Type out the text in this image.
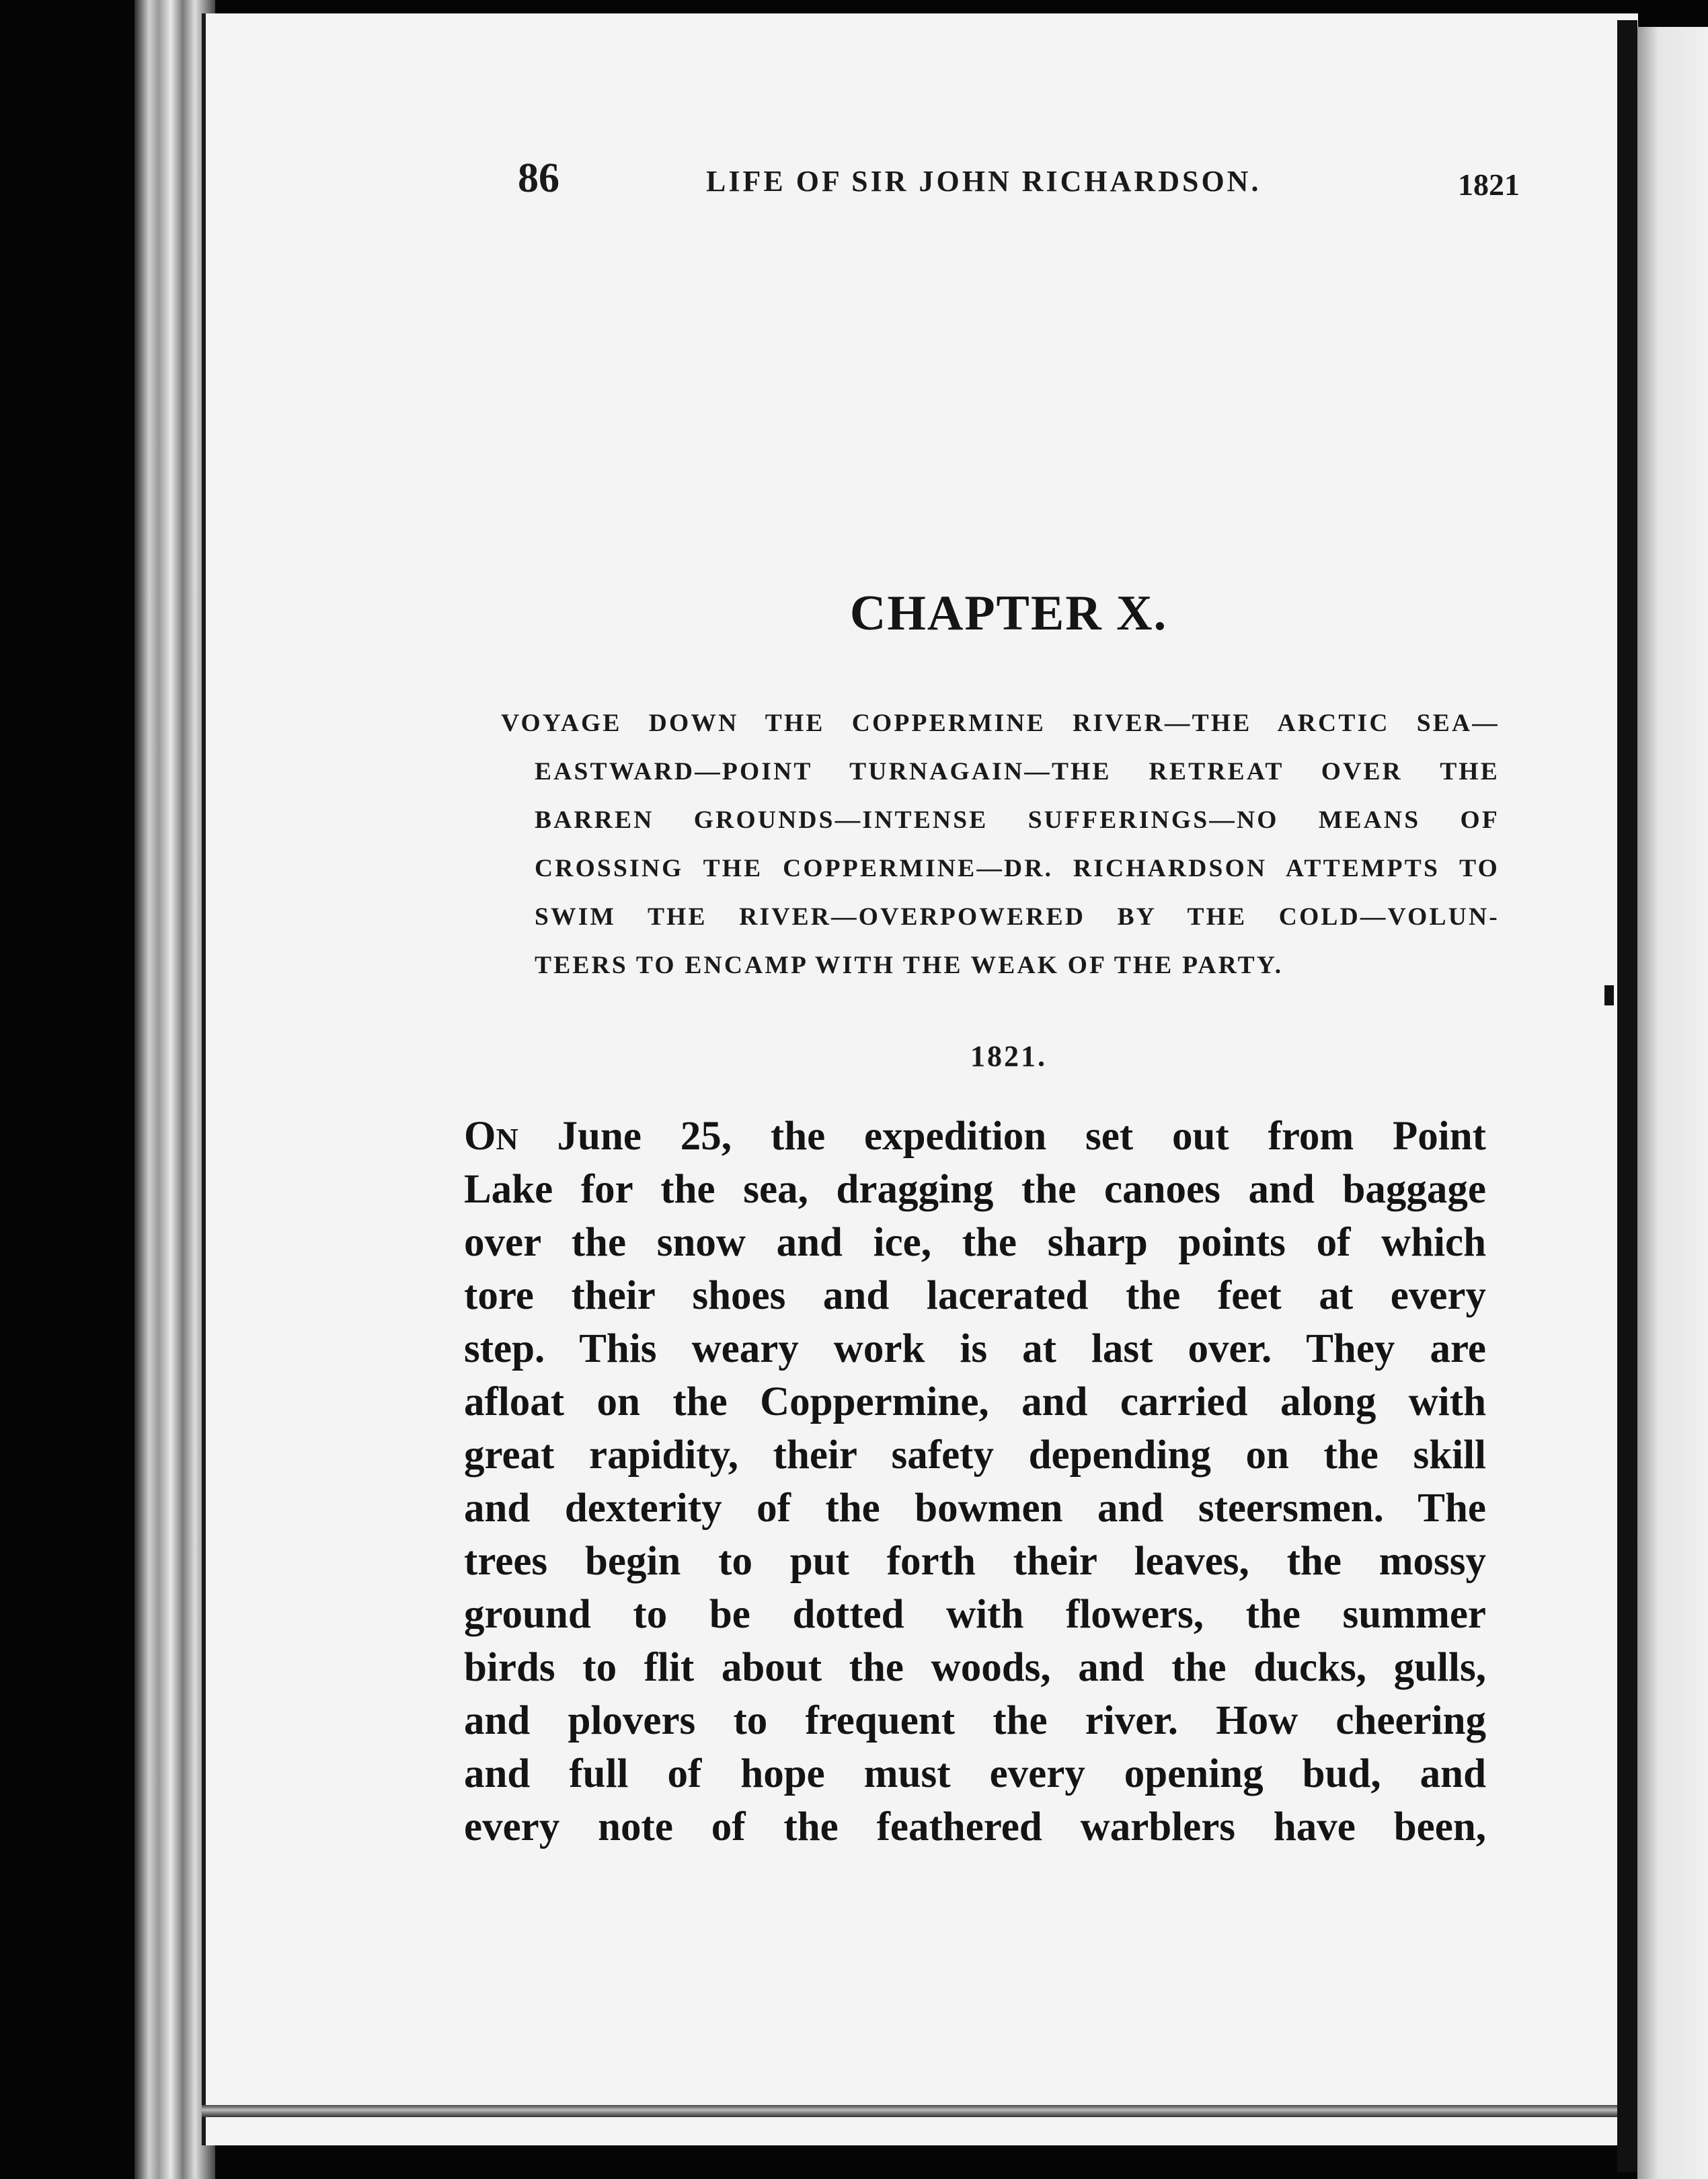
86	LIFE OF SIR JOHN RICHARDSON.	1821
CHAPTER X.
VOYAGE DOWN THE COPPERMINE RIVER—THE ARCTIC SEA—
EASTWARD—POINT TURNAGAIN—THE RETREAT OVER THE
BARREN GROUNDS—INTENSE SUFFERINGS—NO MEANS OF
CROSSING THE COPPERMINE—DR. RICHARDSON ATTEMPTS TO
SWIM THE RIVER—OVERPOWERED BY THE COLD—VOLUN-
TEERS TO ENCAMP WITH THE WEAK OF THE PARTY.
1821.
ON June 25, the expedition set out from Point
Lake for the sea, dragging the canoes and baggage
over the snow and ice, the sharp points of which
tore their shoes and lacerated the feet at every
step. This weary work is at last over. They are
afloat on the Coppermine, and carried along with
great rapidity, their safety depending on the skill
and dexterity of the bowmen and steersmen. The
trees begin to put forth their leaves, the mossy
ground to be dotted with flowers, the summer
birds to flit about the woods, and the ducks, gulls,
and plovers to frequent the river. How cheering
and full of hope must every opening bud, and
every note of the feathered warblers have been,
